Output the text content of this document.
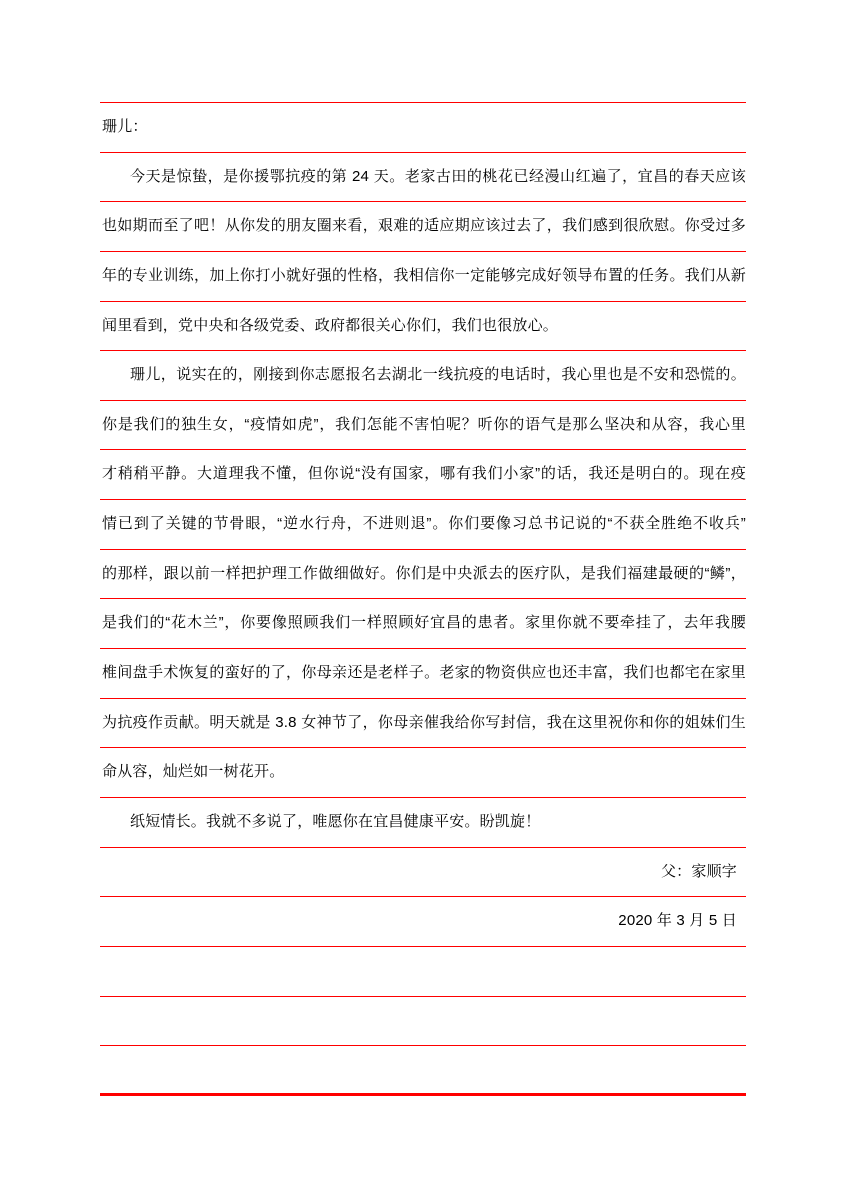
珊儿：
今天是惊蛰，是你援鄂抗疫的第 24 天。老家古田的桃花已经漫山红遍了，宜昌的春天应该
也如期而至了吧！从你发的朋友圈来看，艰难的适应期应该过去了，我们感到很欣慰。你受过多
年的专业训练，加上你打小就好强的性格，我相信你一定能够完成好领导布置的任务。我们从新
闻里看到，党中央和各级党委、政府都很关心你们，我们也很放心。
珊儿，说实在的，刚接到你志愿报名去湖北一线抗疫的电话时，我心里也是不安和恐慌的。
你是我们的独生女，“疫情如虎”，我们怎能不害怕呢？听你的语气是那么坚决和从容，我心里
才稍稍平静。大道理我不懂，但你说“没有国家，哪有我们小家”的话，我还是明白的。现在疫
情已到了关键的节骨眼，“逆水行舟，不进则退”。你们要像习总书记说的“不获全胜绝不收兵”
的那样，跟以前一样把护理工作做细做好。你们是中央派去的医疗队，是我们福建最硬的“鳞”，
是我们的“花木兰”，你要像照顾我们一样照顾好宜昌的患者。家里你就不要牵挂了，去年我腰
椎间盘手术恢复的蛮好的了，你母亲还是老样子。老家的物资供应也还丰富，我们也都宅在家里
为抗疫作贡献。明天就是 3.8 女神节了，你母亲催我给你写封信，我在这里祝你和你的姐妹们生
命从容，灿烂如一树花开。
纸短情长。我就不多说了，唯愿你在宜昌健康平安。盼凯旋！
父：家顺字
2020 年 3 月 5 日
